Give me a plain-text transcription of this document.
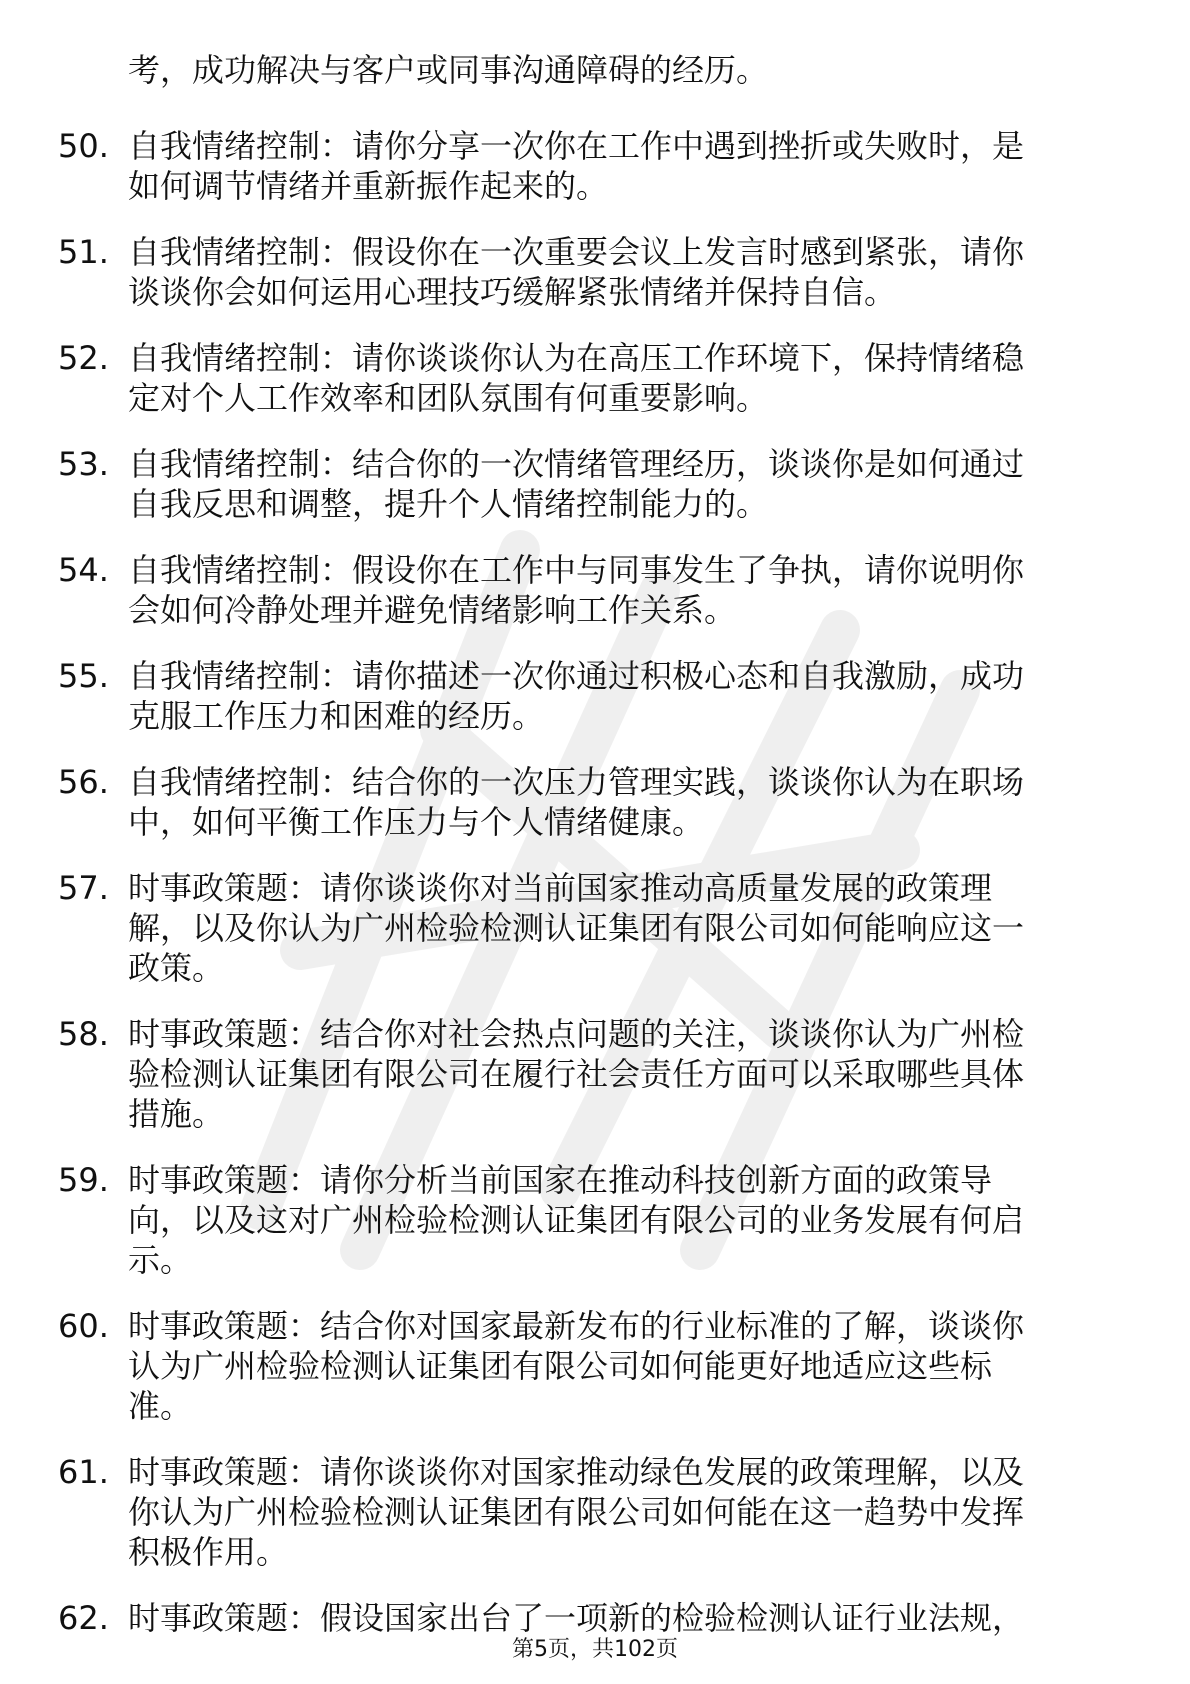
考，成功解决与客户或同事沟通障碍的经历。
50. 自我情绪控制：请你分享一次你在工作中遇到挫折或失败时，是
如何调节情绪并重新振作起来的。
51. 自我情绪控制：假设你在一次重要会议上发言时感到紧张，请你
谈谈你会如何运用心理技巧缓解紧张情绪并保持自信。
52. 自我情绪控制：请你谈谈你认为在高压工作环境下，保持情绪稳
定对个人工作效率和团队氛围有何重要影响。
53. 自我情绪控制：结合你的一次情绪管理经历，谈谈你是如何通过
自我反思和调整，提升个人情绪控制能力的。
54. 自我情绪控制：假设你在工作中与同事发生了争执，请你说明你
会如何冷静处理并避免情绪影响工作关系。
55. 自我情绪控制：请你描述一次你通过积极心态和自我激励，成功
克服工作压力和困难的经历。
56. 自我情绪控制：结合你的一次压力管理实践，谈谈你认为在职场
中，如何平衡工作压力与个人情绪健康。
57. 时事政策题：请你谈谈你对当前国家推动高质量发展的政策理
解，以及你认为广州检验检测认证集团有限公司如何能响应这一
政策。
58. 时事政策题：结合你对社会热点问题的关注，谈谈你认为广州检
验检测认证集团有限公司在履行社会责任方面可以采取哪些具体
措施。
59. 时事政策题：请你分析当前国家在推动科技创新方面的政策导
向，以及这对广州检验检测认证集团有限公司的业务发展有何启
示。
60. 时事政策题：结合你对国家最新发布的行业标准的了解，谈谈你
认为广州检验检测认证集团有限公司如何能更好地适应这些标
准。
61. 时事政策题：请你谈谈你对国家推动绿色发展的政策理解，以及
你认为广州检验检测认证集团有限公司如何能在这一趋势中发挥
积极作用。
62. 时事政策题：假设国家出台了一项新的检验检测认证行业法规，
第5页，共102页
